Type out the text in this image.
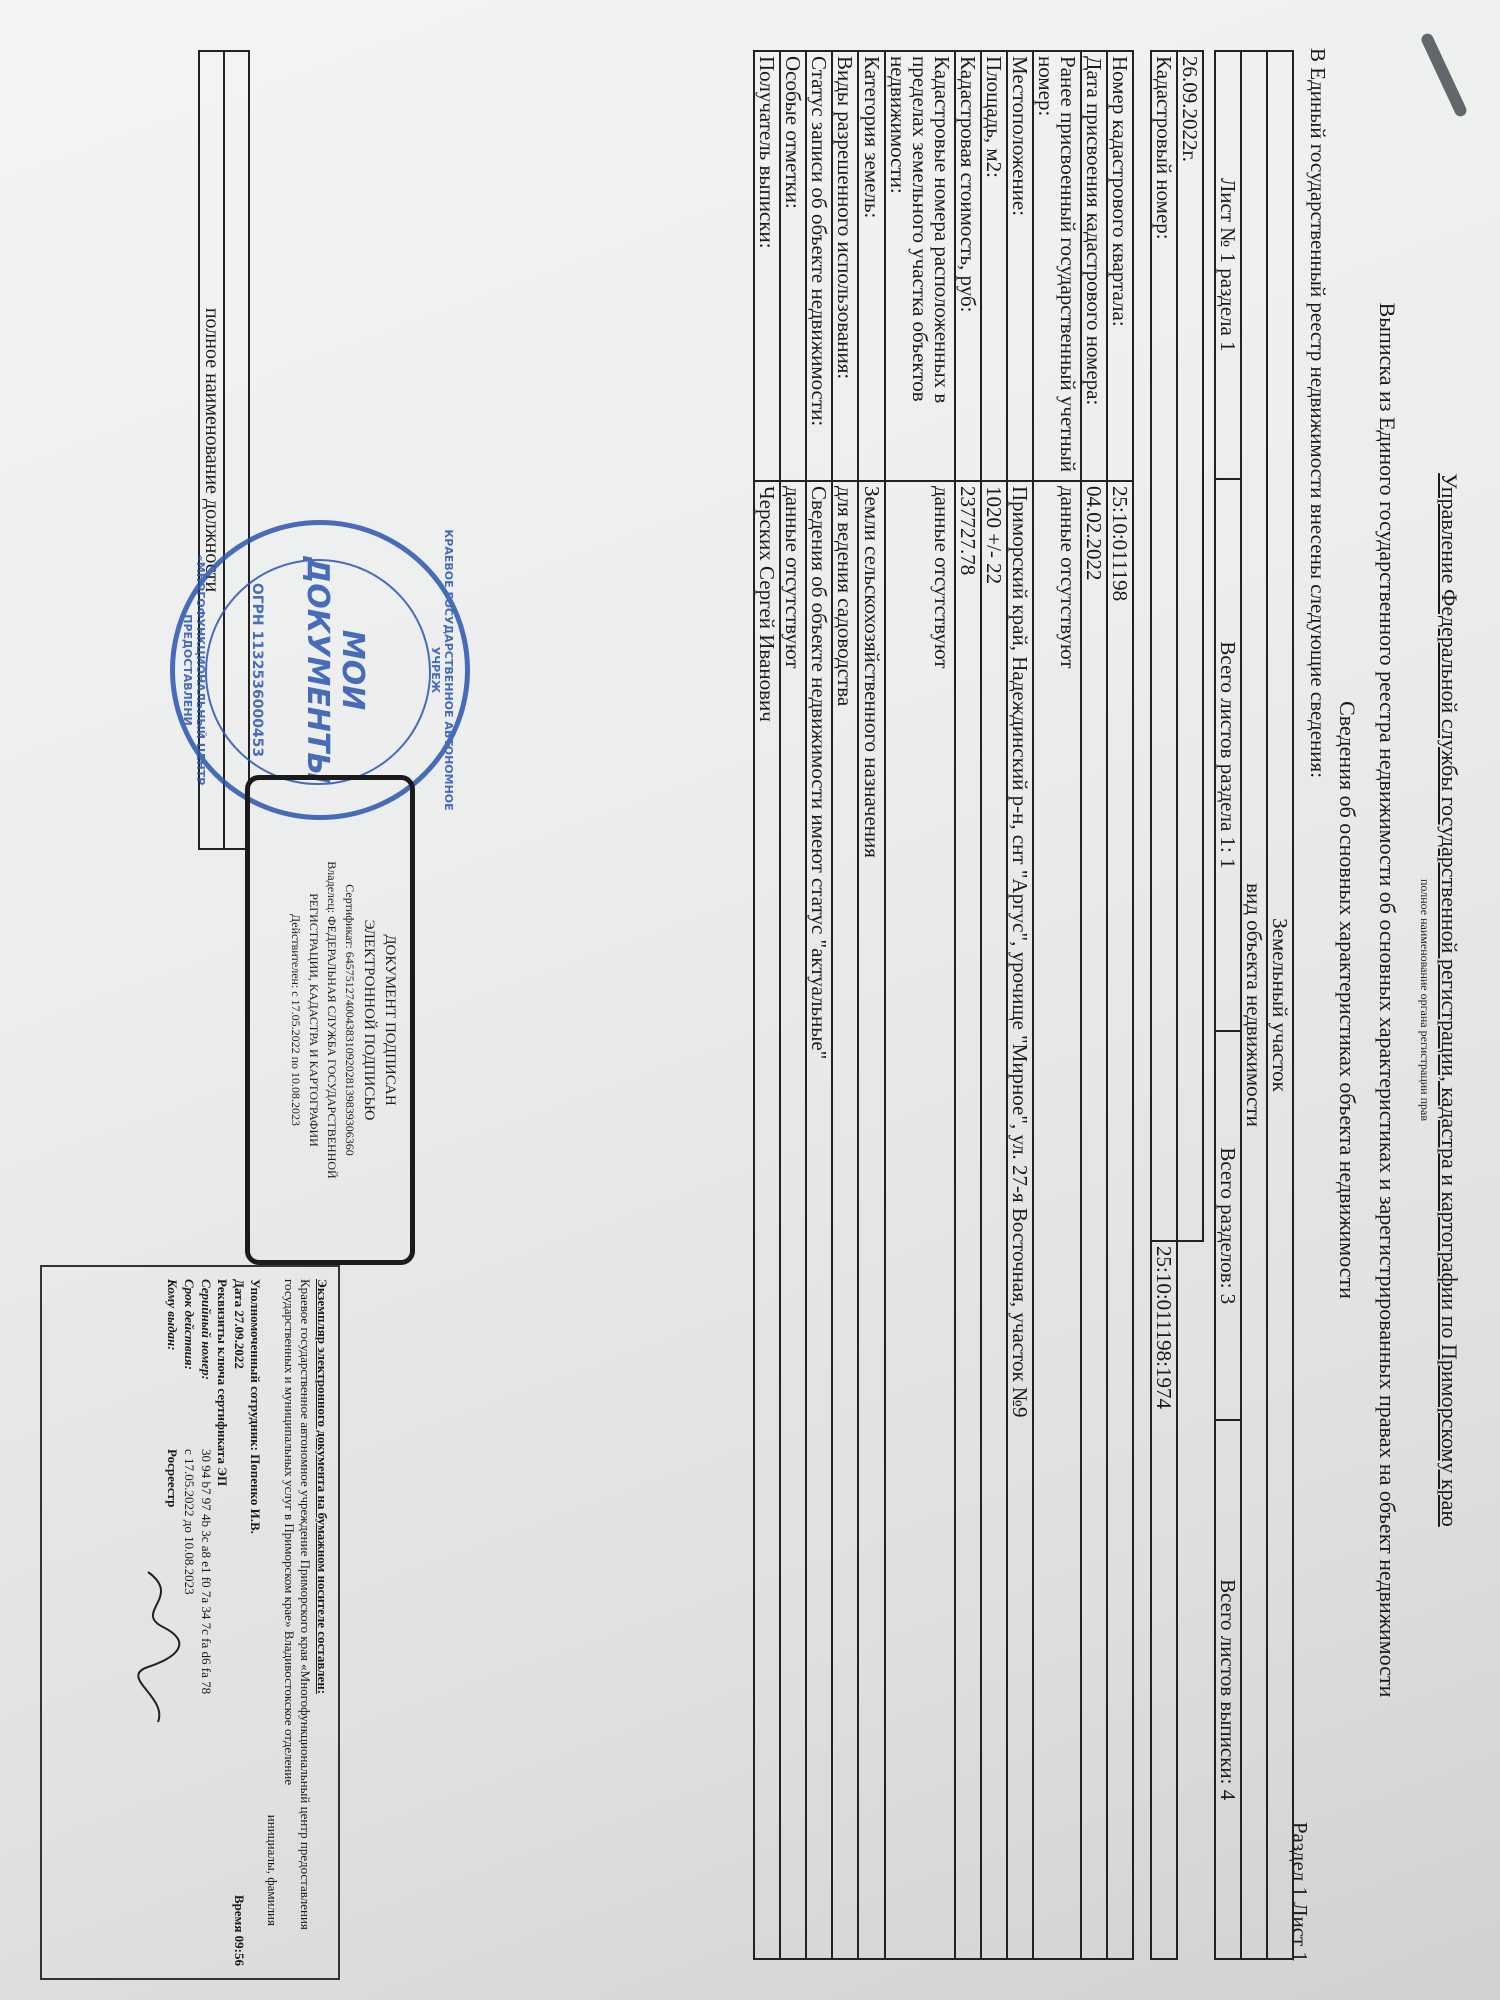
Управление Федеральной службы государственной регистрации, кадастра и картографии по Приморскому краю
полное наименование органа регистрации прав
Выписка из Единого государственного реестра недвижимости об основных характеристиках и зарегистрированных правах на объект недвижимости
Сведения об основных характеристиках объекта недвижимости
В Единый государственный реестр недвижимости внесены следующие сведения:
Раздел 1 Лист 1
Земельный участок
вид объекта недвижимости
Лист № 1 раздела 1	Всего листов раздела 1: 1	Всего разделов: 3	Всего листов выписки: 4
26.09.2022г.	
Кадастровый номер:	25:10:011198:1974
Номер кадастрового квартала:	25:10:011198
Дата присвоения кадастрового номера:	04.02.2022
Ранее присвоенный государственный учетный номер:	данные отсутствуют
Местоположение:	Приморский край, Надеждинский р-н, снт "Аргус", урочище "Мирное", ул. 27-я Восточная, участок №9
Площадь, м2:	1020 +/- 22
Кадастровая стоимость, руб:	237727.78
Кадастровые номера расположенных в пределах земельного участка объектов недвижимости:	данные отсутствуют
Категория земель:	Земли сельскохозяйственного назначения
Виды разрешенного использования:	для ведения садоводства
Статус записи об объекте недвижимости:	Сведения об объекте недвижимости имеют статус "актуальные"
Особые отметки:	данные отсутствуют
Получатель выписки:	Черских Сергей Иванович

полное наименование должности
КРАЕВОЕ ГОСУДАРСТВЕННОЕ АВТОНОМНОЕ УЧРЕЖ
МОИ
ДОКУМЕНТЫ
ОГРН 1132536000453
«МНОГОФУНКЦИОНАЛЬНЫЙ ЦЕНТР ПРЕДОСТАВЛЕНИ
ДОКУМЕНТ ПОДПИСАН
ЭЛЕКТРОННОЙ ПОДПИСЬЮ
Сертификат: 6457512740043831092028139839306360
Владелец: ФЕДЕРАЛЬНАЯ СЛУЖБА ГОСУДАРСТВЕННОЙ
РЕГИСТРАЦИИ, КАДАСТРА И КАРТОГРАФИИ
Действителен: с 17.05.2022 по 10.08.2023
Экземпляр электронного документа на бумажном носителе составлен:
Краевое государственное автономное учреждение Приморского края «Многофункциональный центр предоставления государственных и муниципальных услуг в Приморском крае» Владивостокское отделение
инициалы, фамилия
Уполномоченный сотрудник: Попенко И.В.
Дата 27.09.2022
Время 09:56
Реквизиты ключа сертификата ЭП
Серийный номер:
30 94 b7 97 4b 3c a8 e1 f0 7a 34 7c fa d6 fa 78
Срок действия:
с 17.05.2022 до 10.08.2023
Кому выдан:
Росреестр
